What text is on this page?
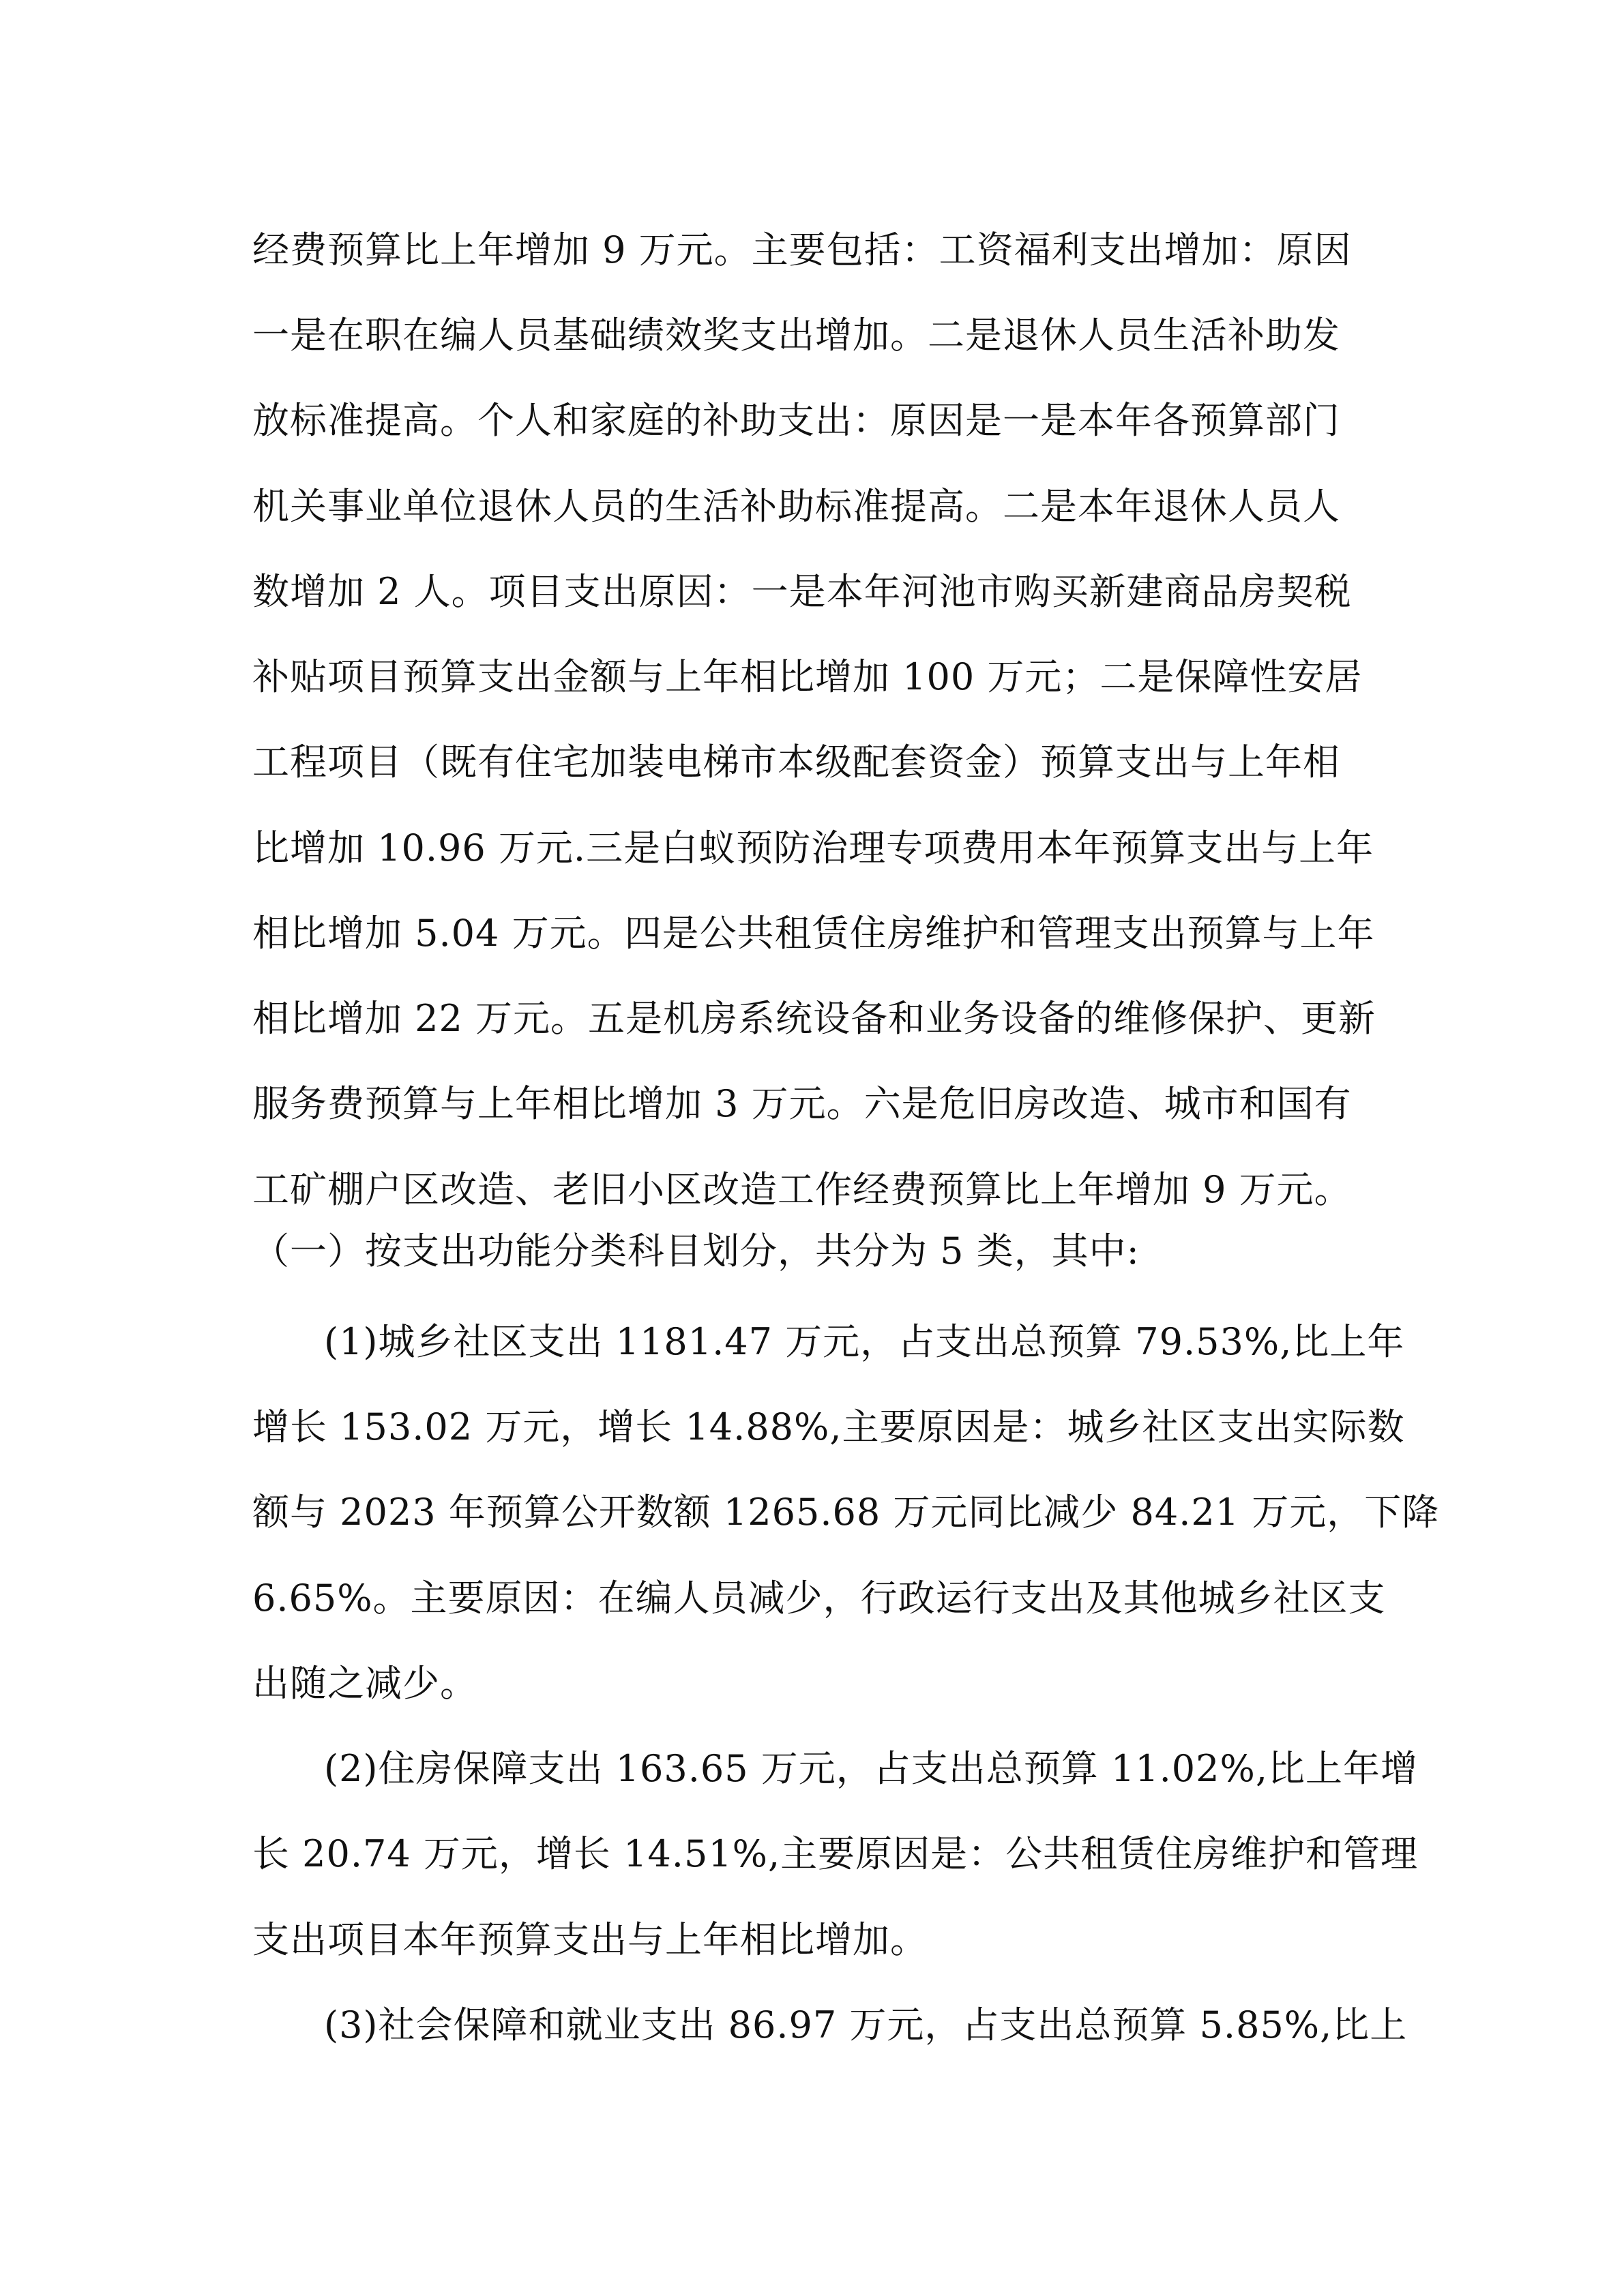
经费预算比上年增加 9 万元。主要包括：工资福利支出增加：原因
一是在职在编人员基础绩效奖支出增加。二是退休人员生活补助发
放标准提高。个人和家庭的补助支出：原因是一是本年各预算部门
机关事业单位退休人员的生活补助标准提高。二是本年退休人员人
数增加 2 人。项目支出原因：一是本年河池市购买新建商品房契税
补贴项目预算支出金额与上年相比增加 100 万元；二是保障性安居
工程项目（既有住宅加装电梯市本级配套资金）预算支出与上年相
比增加 10.96 万元.三是白蚁预防治理专项费用本年预算支出与上年
相比增加 5.04 万元。四是公共租赁住房维护和管理支出预算与上年
相比增加 22 万元。五是机房系统设备和业务设备的维修保护、更新
服务费预算与上年相比增加 3 万元。六是危旧房改造、城市和国有
工矿棚户区改造、老旧小区改造工作经费预算比上年增加 9 万元。
（一）按支出功能分类科目划分，共分为 5 类，其中:
(1)城乡社区支出 1181.47 万元，占支出总预算 79.53%,比上年
增长 153.02 万元，增长 14.88%,主要原因是：城乡社区支出实际数
额与 2023 年预算公开数额 1265.68 万元同比减少 84.21 万元，下降
6.65%。主要原因：在编人员减少，行政运行支出及其他城乡社区支
出随之减少。
(2)住房保障支出 163.65 万元，占支出总预算 11.02%,比上年增
长 20.74 万元，增长 14.51%,主要原因是：公共租赁住房维护和管理
支出项目本年预算支出与上年相比增加。
(3)社会保障和就业支出 86.97 万元，占支出总预算 5.85%,比上
